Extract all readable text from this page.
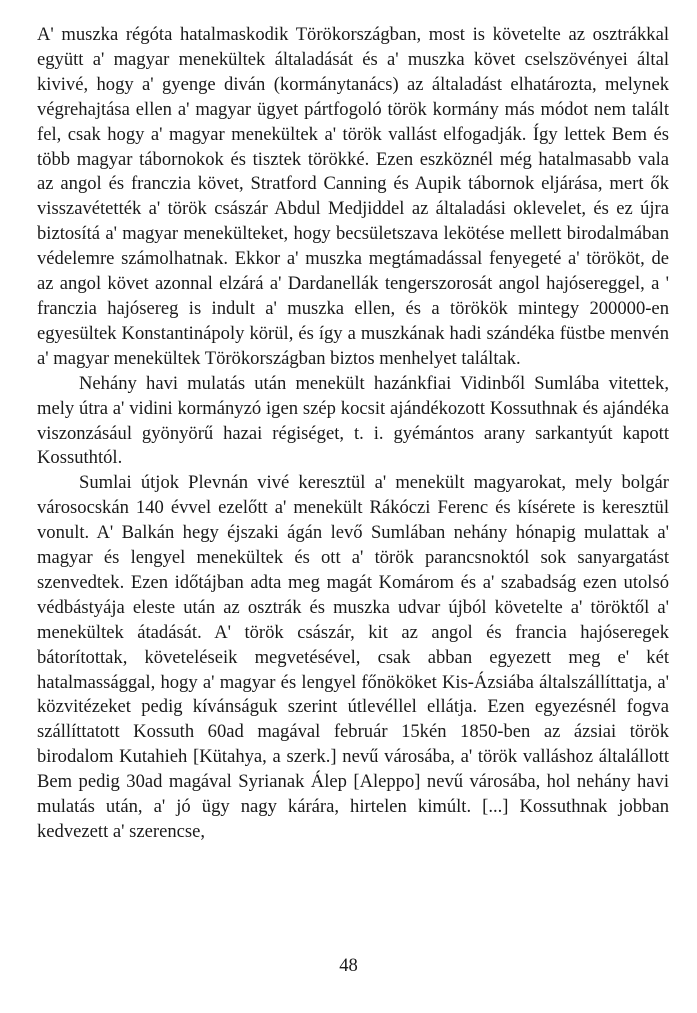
A' muszka régóta hatalmaskodik Törökországban, most is követelte az osztrákkal együtt a' magyar menekültek általadását és a' muszka követ cselszövényei által kivivé, hogy a' gyenge diván (kormánytanács) az általadást elhatározta, melynek végrehajtása ellen a' magyar ügyet pártfogoló török kormány más módot nem talált fel, csak hogy a' magyar menekültek a' török vallást elfogadják. Így lettek Bem és több magyar tábornokok és tisztek törökké. Ezen eszköznél még hatalmasabb vala az angol és franczia követ, Stratford Canning és Aupik tábornok eljárása, mert ők visszavétették a' török császár Abdul Medjiddel az általadási oklevelet, és ez újra biztosítá a' magyar menekülteket, hogy becsületszava lekötése mellett birodalmában védelemre számolhatnak. Ekkor a' muszka megtámadással fenyegeté a' törököt, de az angol követ azonnal elzárá a' Dardanellák tengerszorosát angol hajósereggel, a ' franczia hajósereg is indult a' muszka ellen, és a törökök mintegy 200000-en egyesültek Konstantinápoly körül, és így a muszkának hadi szándéka füstbe menvén a' magyar menekültek Törökországban biztos menhelyet találtak.

Nehány havi mulatás után menekült hazánkfiai Vidinből Sumlába vitettek, mely útra a' vidini kormányzó igen szép kocsit ajándékozott Kossuthnak és ajándéka viszonzásául gyönyörű hazai régiséget, t. i. gyémántos arany sarkantyút kapott Kossuthtól.

Sumlai útjok Plevnán vivé keresztül a' menekült magyarokat, mely bolgár városocskán 140 évvel ezelőtt a' menekült Rákóczi Ferenc és kísérete is keresztül vonult. A' Balkán hegy éjszaki ágán levő Sumlában nehány hónapig mulattak a' magyar és lengyel menekültek és ott a' török parancsnoktól sok sanyargatást szenvedtek. Ezen időtájban adta meg magát Komárom és a' szabadság ezen utolsó védbástyája eleste után az osztrák és muszka udvar újból követelte a' töröktől a' menekültek átadását. A' török császár, kit az angol és francia hajóseregek bátorítottak, követeléseik megvetésével, csak abban egyezett meg e' két hatalmassággal, hogy a' magyar és lengyel főnököket Kis-Ázsiába általszállíttatja, a' közvitézeket pedig kívánságuk szerint útlevéllel ellátja. Ezen egyezésnél fogva szállíttatott Kossuth 60ad magával február 15kén 1850-ben az ázsiai török birodalom Kutahieh [Kütahya, a szerk.] nevű városába, a' török valláshoz általállott Bem pedig 30ad magával Syrianak Álep [Aleppo] nevű városába, hol nehány havi mulatás után, a' jó ügy nagy kárára, hirtelen kimúlt. [...] Kossuthnak jobban kedvezett a' szerencse,

48
